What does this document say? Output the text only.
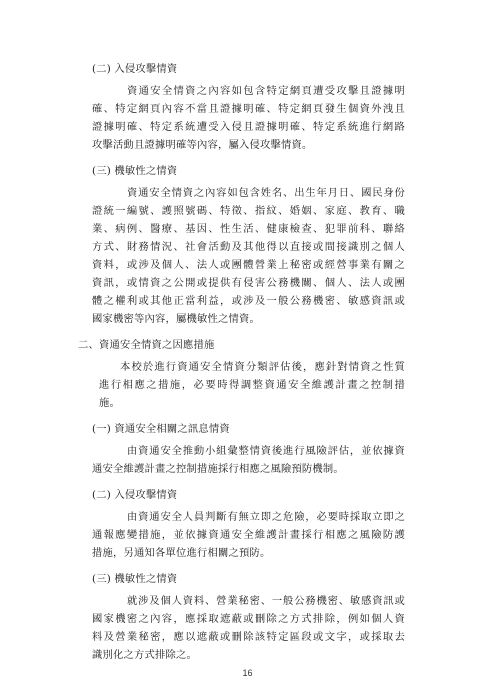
(二) 入侵攻擊情資
資通安全情資之內容如包含特定網頁遭受攻擊且證據明
確、特定網頁內容不當且證據明確、特定網頁發生個資外洩且
證據明確、特定系統遭受入侵且證據明確、特定系統進行網路
攻擊活動且證據明確等內容，屬入侵攻擊情資。
(三) 機敏性之情資
資通安全情資之內容如包含姓名、出生年月日、國民身份
證統一編號、護照號碼、特徵、指紋、婚姻、家庭、教育、職
業、病例、醫療、基因、性生活、健康檢查、犯罪前科、聯絡
方式、財務情況、社會活動及其他得以直接或間接識別之個人
資料，或涉及個人、法人或團體營業上秘密或經營事業有關之
資訊，或情資之公開或提供有侵害公務機關、個人、法人或團
體之權利或其他正當利益，或涉及一般公務機密、敏感資訊或
國家機密等內容，屬機敏性之情資。
二、資通安全情資之因應措施
本校於進行資通安全情資分類評估後，應針對情資之性質
進行相應之措施，必要時得調整資通安全維護計畫之控制措
施。
(一) 資通安全相關之訊息情資
由資通安全推動小組彙整情資後進行風險評估，並依據資
通安全維護計畫之控制措施採行相應之風險預防機制。
(二) 入侵攻擊情資
由資通安全人員判斷有無立即之危險，必要時採取立即之
通報應變措施，並依據資通安全維護計畫採行相應之風險防護
措施，另通知各單位進行相關之預防。
(三) 機敏性之情資
就涉及個人資料、營業秘密、一般公務機密、敏感資訊或
國家機密之內容，應採取遮蔽或刪除之方式排除，例如個人資
料及營業秘密，應以遮蔽或刪除該特定區段或文字，或採取去
識別化之方式排除之。
16
